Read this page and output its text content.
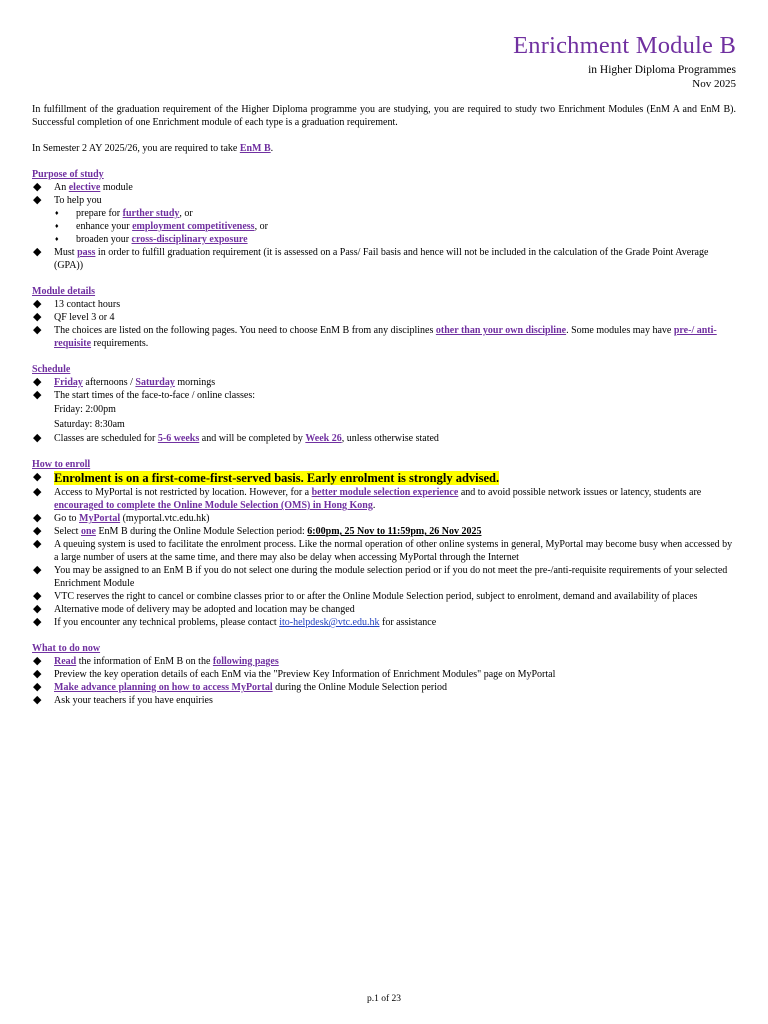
Enrichment Module B
in Higher Diploma Programmes
Nov 2025

In fulfillment of the graduation requirement of the Higher Diploma programme you are studying, you are required to study two Enrichment Modules (EnM A and EnM B). Successful completion of one Enrichment module of each type is a graduation requirement.

In Semester 2 AY 2025/26, you are required to take EnM B.

Purpose of study
◆ An elective module
◆ To help you
♦ prepare for further study, or
♦ enhance your employment competitiveness, or
♦ broaden your cross-disciplinary exposure
◆ Must pass in order to fulfill graduation requirement (it is assessed on a Pass/ Fail basis and hence will not be included in the calculation of the Grade Point Average (GPA))
Module details
◆ 13 contact hours
◆ QF level 3 or 4
◆ The choices are listed on the following pages. You need to choose EnM B from any disciplines other than your own discipline. Some modules may have pre-/ anti-requisite requirements.
Schedule
◆ Friday afternoons / Saturday mornings
◆ The start times of the face-to-face / online classes:
Friday: 2:00pm
Saturday: 8:30am
◆ Classes are scheduled for 5-6 weeks and will be completed by Week 26, unless otherwise stated
How to enroll
◆ Enrolment is on a first-come-first-served basis. Early enrolment is strongly advised.
◆ Access to MyPortal is not restricted by location. However, for a better module selection experience and to avoid possible network issues or latency, students are encouraged to complete the Online Module Selection (OMS) in Hong Kong.
◆ Go to MyPortal (myportal.vtc.edu.hk)
◆ Select one EnM B during the Online Module Selection period: 6:00pm, 25 Nov to 11:59pm, 26 Nov 2025
◆ A queuing system is used to facilitate the enrolment process. Like the normal operation of other online systems in general, MyPortal may become busy when accessed by a large number of users at the same time, and there may also be delay when accessing MyPortal through the Internet
◆ You may be assigned to an EnM B if you do not select one during the module selection period or if you do not meet the pre-/anti-requisite requirements of your selected Enrichment Module
◆ VTC reserves the right to cancel or combine classes prior to or after the Online Module Selection period, subject to enrolment, demand and availability of places
◆ Alternative mode of delivery may be adopted and location may be changed
◆ If you encounter any technical problems, please contact ito-helpdesk@vtc.edu.hk for assistance
What to do now
◆ Read the information of EnM B on the following pages
◆ Preview the key operation details of each EnM via the "Preview Key Information of Enrichment Modules" page on MyPortal
◆ Make advance planning on how to access MyPortal during the Online Module Selection period
◆ Ask your teachers if you have enquiries
p.1 of 23
